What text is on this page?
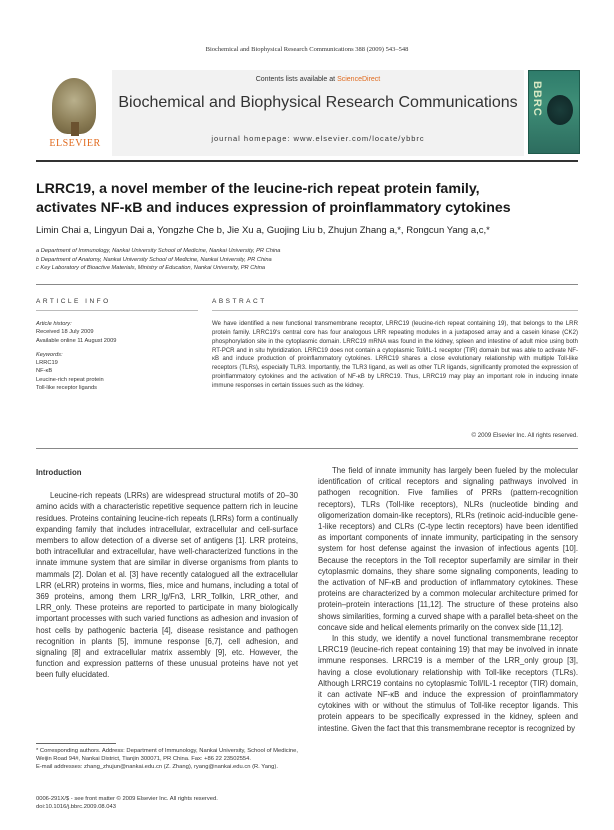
Biochemical and Biophysical Research Communications 388 (2009) 543–548
ELSEVIER
Contents lists available at ScienceDirect
Biochemical and Biophysical Research Communications
journal homepage: www.elsevier.com/locate/ybbrc
BBRC
LRRC19, a novel member of the leucine-rich repeat protein family,
activates NF-κB and induces expression of proinflammatory cytokines
Limin Chai a, Lingyun Dai a, Yongzhe Che b, Jie Xu a, Guojing Liu b, Zhujun Zhang a,*, Rongcun Yang a,c,*
a Department of Immunology, Nankai University School of Medicine, Nankai University, PR China
b Department of Anatomy, Nankai University School of Medicine, Nankai University, PR China
c Key Laboratory of Bioactive Materials, Ministry of Education, Nankai University, PR China
ARTICLE INFO	ABSTRACT
Article history:
Received 18 July 2009
Available online 11 August 2009
Keywords:
LRRC19
NF-κB
Leucine-rich repeat protein
Toll-like receptor ligands
We have identified a new functional transmembrane receptor, LRRC19 (leucine-rich repeat containing 19), that belongs to the LRR protein family. LRRC19's central core has four analogous LRR repeating modules in a juxtaposed array and a casein kinase (CK2) phosphorylation site in the cytoplasmic domain. LRRC19 mRNA was found in the kidney, spleen and intestine of adult mice using both RT-PCR and in situ hybridization. LRRC19 does not contain a cytoplasmic Toll/IL-1 receptor (TIR) domain but was able to activate NF-κB and induce production of proinflammatory cytokines. LRRC19 shares a close evolutionary relationship with multiple Toll-like receptors (TLRs), especially TLR3. Importantly, the TLR3 ligand, as well as other TLR ligands, significantly promoted the expression of proinflammatory cytokines and the activation of NF-κB by LRRC19. Thus, LRRC19 may play an important role in inducing innate immune responses in certain tissues such as the kidney.
© 2009 Elsevier Inc. All rights reserved.
Introduction

Leucine-rich repeats (LRRs) are widespread structural motifs of 20–30 amino acids with a characteristic repetitive sequence pattern rich in leucine residues. Proteins containing leucine-rich repeats (LRRs) form a continually expanding family that includes intracellular, extracellular and cell-surface members to allow detection of a diverse set of antigens [1]. LRR proteins, both intracellular and extracellular, have well-characterized functions in the innate immune system that are similar in diverse organisms from plants to mammals [2]. Dolan et al. [3] have recently catalogued all the extracellular LRR (eLRR) proteins in worms, flies, mice and humans, including a total of 369 proteins, among them LRR_Ig/Fn3, LRR_Tollkin, LRR_other, and LRR_only. These proteins are reported to participate in many biologically important processes with such varied functions as adhesion and invasion of host cells by pathogenic bacteria [4], disease resistance and pathogen recognition in plants [5], immune response [6,7], cell adhesion, and signaling [8] and extracellular matrix assembly [9], etc. However, the function and expression patterns of these unusual proteins have not yet been fully elucidated.

The field of innate immunity has largely been fueled by the molecular identification of critical receptors and signaling pathways involved in pathogen recognition. Five families of PRRs (pattern-recognition receptors), TLRs (Toll-like receptors), NLRs (nucleotide binding and oligomerization domain-like receptors), RLRs (retinoic acid-inducible gene-1-like receptors) and CLRs (C-type lectin receptors) have been identified as important components of innate immunity, participating in the sensory system for host defense against the invasion of infectious agents [10]. Because the receptors in the Toll receptor superfamily are similar in their cytoplasmic domains, they share some signaling components, leading to the activation of NF-κB and production of inflammatory cytokines. These proteins are characterized by a common molecular architecture primed for protein–protein interactions [11,12]. The structure of these proteins also shows similarities, forming a curved shape with a parallel beta-sheet on the concave side and helical elements primarily on the convex side [11,12].

In this study, we identify a novel functional transmembrane receptor LRRC19 (leucine-rich repeat containing 19) that may be involved in innate immune responses. LRRC19 is a member of the LRR_only group [3], having a close evolutionary relationship with Toll-like receptors (TLRs). Although LRRC19 contains no cytoplasmic Toll/IL-1 receptor (TIR) domain, it can activate NF-κB and induce the expression of proinflammatory cytokines with or without the stimulus of Toll-like receptor ligands. This protein appears to be specifically expressed in the kidney, spleen and intestine. Given the fact that this transmembrane receptor is recognized by

* Corresponding authors. Address: Department of Immunology, Nankai University, School of Medicine, Weijin Road 94#, Nankai District, Tianjin 300071, PR China. Fax: +86 22 23502554.
E-mail addresses: zhang_zhujun@nankai.edu.cn (Z. Zhang), ryang@nankai.edu.cn (R. Yang).
0006-291X/$ - see front matter © 2009 Elsevier Inc. All rights reserved.
doi:10.1016/j.bbrc.2009.08.043
